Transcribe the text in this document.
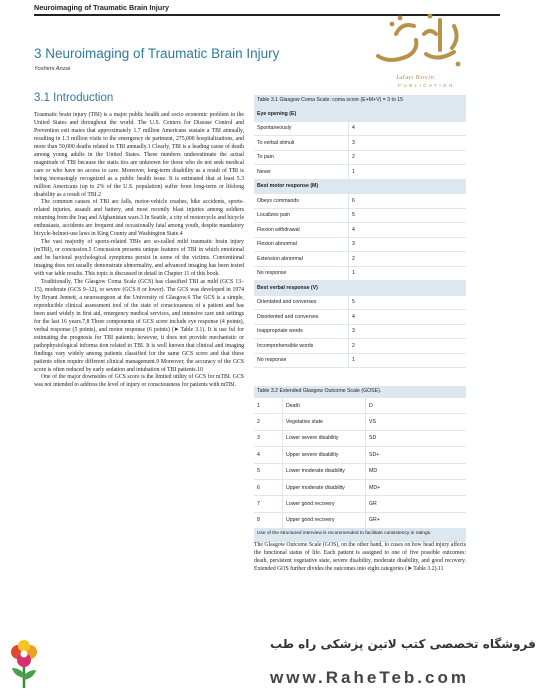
Neuroimaging of Traumatic Brain Injury
3 Neuroimaging of Traumatic Brain Injury
Yoshimi Anzai
3.1 Introduction

Traumatic brain injury (TBI) is a major public health and socio economic problem in the United States and throughout the world. The U.S. Centers for Disease Control and Prevention esti mates that approximately 1.7 million Americans sustain a TBI annually, resulting in 1.3 million visits to the emergency de partment, 275,000 hospitalizations, and more than 50,000 deaths related to TBI annually.1 Clearly, TBI is a leading cause of death among young adults in the United States. These numbers underestimate the actual magnitude of TBI because the statis tics are unknown for those who do not seek medical care or who have no access to care. Moreover, long-term disability as a result of TBI is being increasingly recognized as a public health issue. It is estimated that at least 5.3 million Americans (up to 2% of the U.S. population) suffer from long-term or lifelong disability as a result of TBI.2

The common causes of TBI are falls, motor-vehicle crashes, bike accidents, sports-related injuries, assault and battery, and most recently blast injuries among soldiers returning from the Iraq and Afghanistan wars.3 In Seattle, a city of motorcycle and bicycle enthusiasts, accidents are frequent and occasionally fatal among youth, despite mandatory bicycle-helmet-use laws in King County and Washington State.4

The vast majority of sports-related TBIs are so-called mild traumatic brain injury (mTBI), or concussion.5 Concussion presents unique features of TBI in which emotional and be havioral psychological symptoms persist in some of the victims. Conventional imaging does not usually demonstrate abnormality, and advanced imaging has been tested with var iable results. This topic is discussed in detail in Chapter 11 of this book.

Traditionally, The Glasgow Coma Scale (GCS) has classified TBI as mild (GCS 13–15), moderate (GCS 9–12), or severe (GCS 8 or lower). The GCS was developed in 1974 by Bryant Jennett, a neurosurgeon at the University of Glasgow.6 The GCS is a simple, reproducible clinical assessment tool of the state of consciousness of a patient and has been used widely in first aid, emergency medical services, and intensive care unit settings for the last 16 years.7,8 Three components of GCS score include eye response (4 points), verbal response (5 points), and motor response (6 points) (➤ Table 3.1). It is use ful for estimating the prognosis for TBI patients; however, it does not provide mechanistic or pathophysiological informa tion related to TBI. It is well known that clinical and imaging findings vary widely among patients classified for the same GCS score and that these patients often require different clinical management.9 Moreover, the accuracy of the GCS score is often reduced by early sedation and intubation of TBI patients.10

One of the major downsides of GCS score is the limited utility of GCS for mTBI. GCS was not intended to address the level of injury or consciousness for patients with mTBI.

Jafari Rovin
PUBLICATION
Table 3.1 Glasgow Coma Scale: coma score (E+M+V) = 3 to 15
Eye opening (E)	
Spontaneously		4
To verbal stimuli		3
To pain		2
Never		1
Best motor response (M)	
Obeys commands		6
Localizes pain		5
Flexion withdrawal		4
Flexion abnormal		3
Extension abnormal		2
No response		1
Best verbal response (V)	
Orientated and converses		5
Disoriented and converses		4
Inappropriate words		3
Incomprehensible words		2
No response		1
Table 3.2 Extended Glasgow Outcome Scale (GOSE).
1		Death		D
2		Vegetative state		VS
3		Lower severe disability		SD
4		Upper severe disability		SD+
5		Lower moderate disability		MD
6		Upper moderate disability		MD+
7		Lower good recovery		GR
8		Upper good recovery		GR+
Use of the structured interview is recommended to facilitate consistency in ratings.
The Glasgow Outcome Scale (GOS), on the other hand, fo cuses on how head injury affects the functional status of life. Each patient is assigned to one of five possible outcomes: death, persistent vegetative state, severe disability, moderate disability, and good recovery. Extended GOS further divides the outcomes into eight categories (➤ Table 3.2).11
فروشگاه تخصصی کتب لاتین پزشکی راه طب
www.RaheTeb.com
